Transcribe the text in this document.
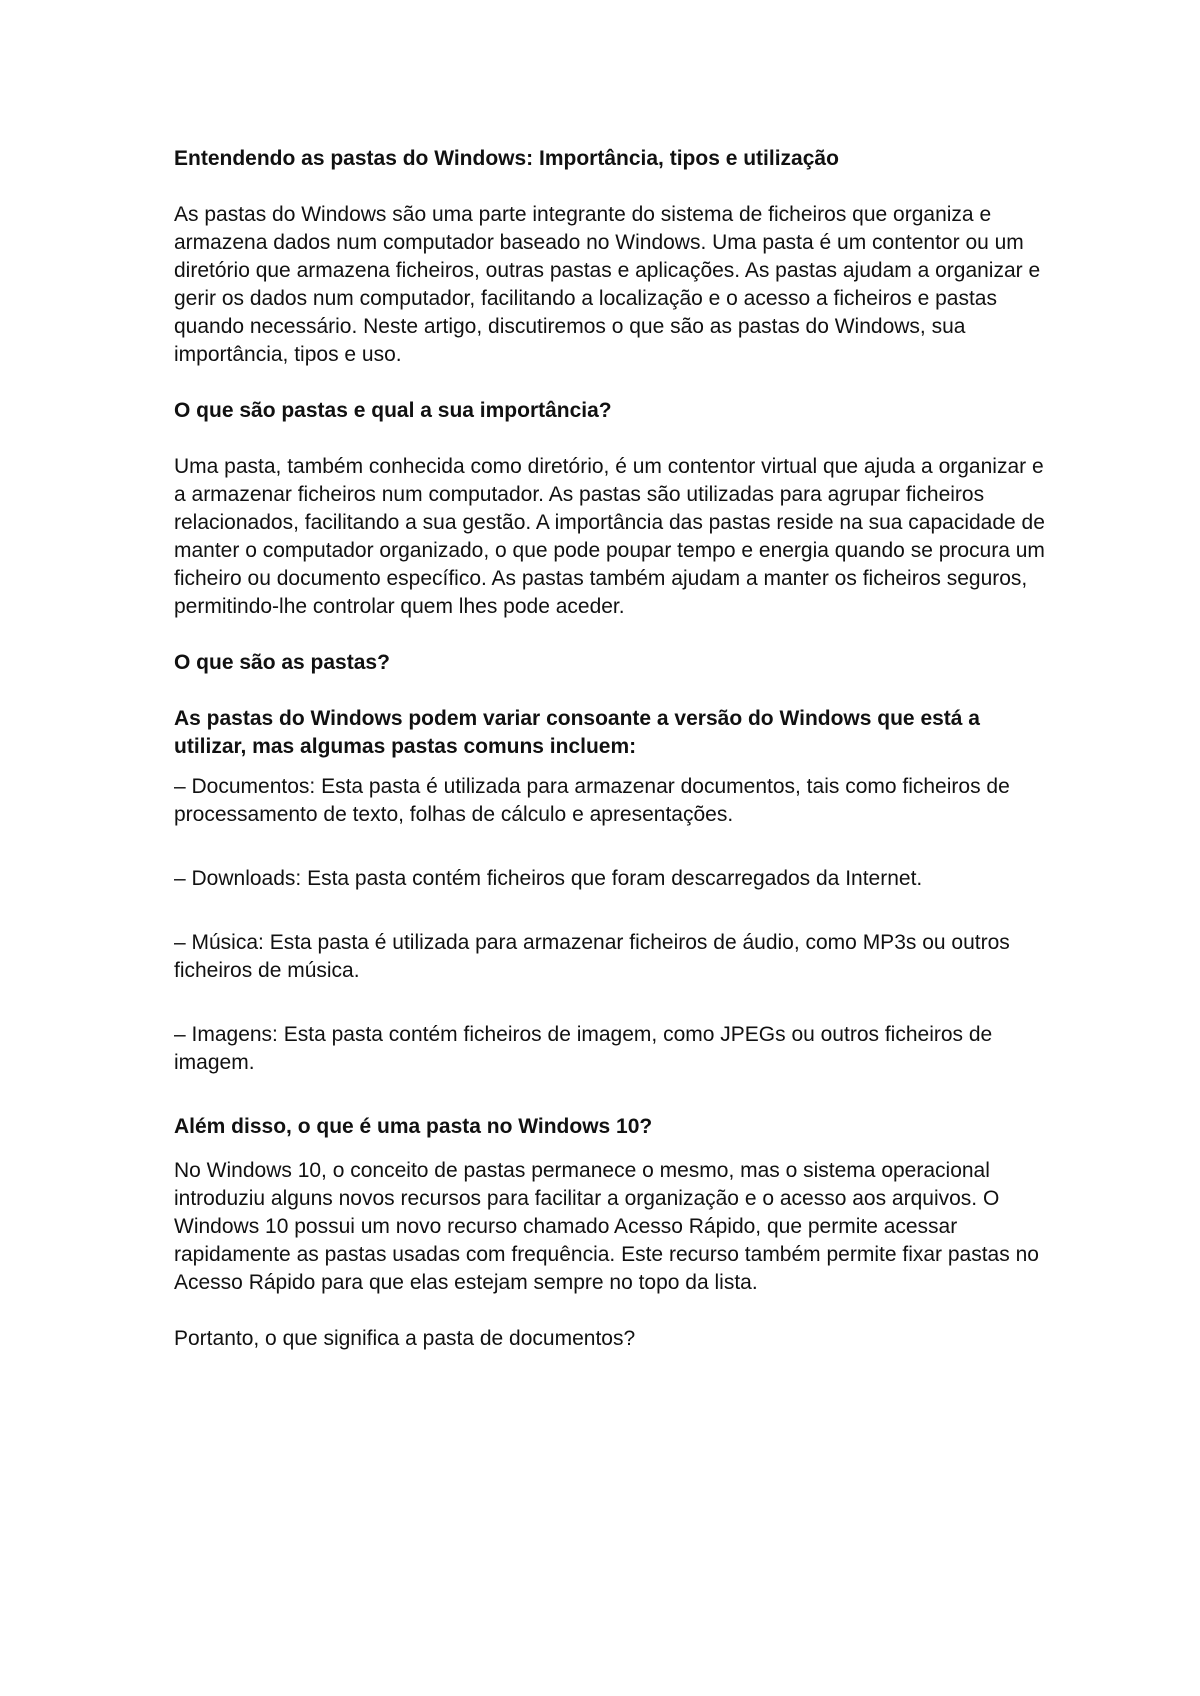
Entendendo as pastas do Windows: Importância, tipos e utilização

As pastas do Windows são uma parte integrante do sistema de ficheiros que organiza e armazena dados num computador baseado no Windows. Uma pasta é um contentor ou um diretório que armazena ficheiros, outras pastas e aplicações. As pastas ajudam a organizar e gerir os dados num computador, facilitando a localização e o acesso a ficheiros e pastas quando necessário. Neste artigo, discutiremos o que são as pastas do Windows, sua importância, tipos e uso.

O que são pastas e qual a sua importância?

Uma pasta, também conhecida como diretório, é um contentor virtual que ajuda a organizar e a armazenar ficheiros num computador. As pastas são utilizadas para agrupar ficheiros relacionados, facilitando a sua gestão. A importância das pastas reside na sua capacidade de manter o computador organizado, o que pode poupar tempo e energia quando se procura um ficheiro ou documento específico. As pastas também ajudam a manter os ficheiros seguros, permitindo-lhe controlar quem lhes pode aceder.

O que são as pastas?
As pastas do Windows podem variar consoante a versão do Windows que está a utilizar, mas algumas pastas comuns incluem:

– Documentos: Esta pasta é utilizada para armazenar documentos, tais como ficheiros de processamento de texto, folhas de cálculo e apresentações.

– Downloads: Esta pasta contém ficheiros que foram descarregados da Internet.

– Música: Esta pasta é utilizada para armazenar ficheiros de áudio, como MP3s ou outros ficheiros de música.

– Imagens: Esta pasta contém ficheiros de imagem, como JPEGs ou outros ficheiros de imagem.

Além disso, o que é uma pasta no Windows 10?

No Windows 10, o conceito de pastas permanece o mesmo, mas o sistema operacional introduziu alguns novos recursos para facilitar a organização e o acesso aos arquivos. O Windows 10 possui um novo recurso chamado Acesso Rápido, que permite acessar rapidamente as pastas usadas com frequência. Este recurso também permite fixar pastas no Acesso Rápido para que elas estejam sempre no topo da lista.

Portanto, o que significa a pasta de documentos?
